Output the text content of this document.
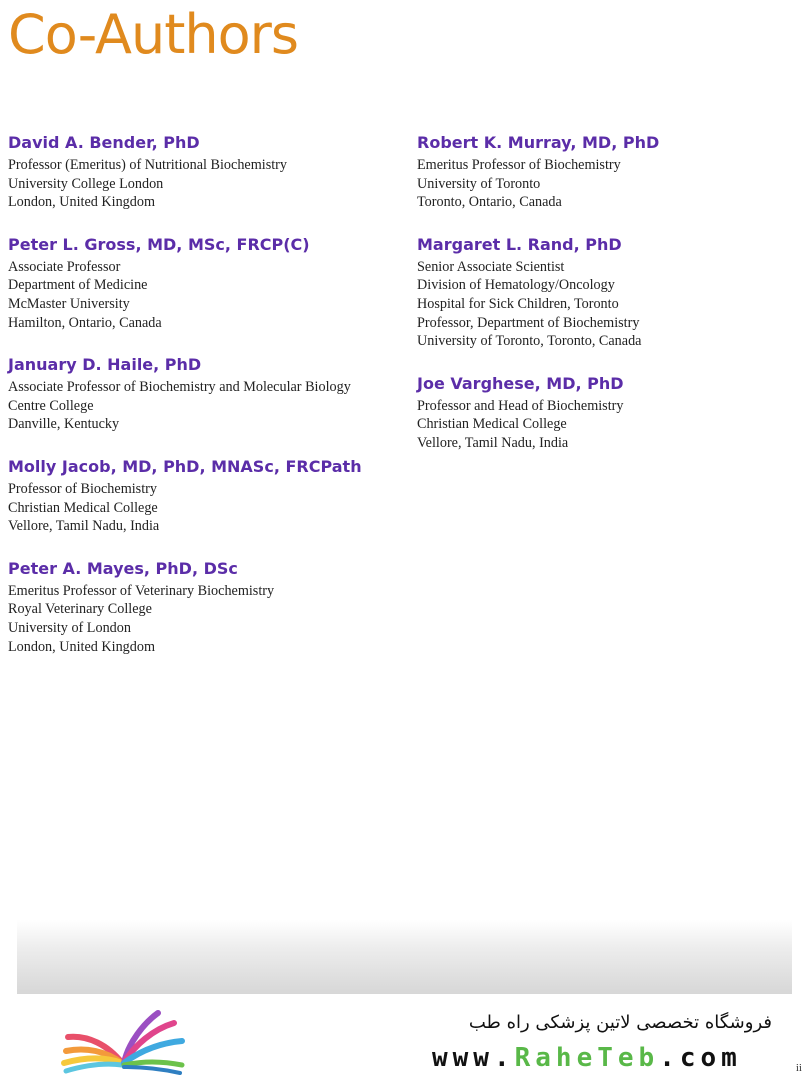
Co-Authors
David A. Bender, PhD
Professor (Emeritus) of Nutritional Biochemistry
University College London
London, United Kingdom
Peter L. Gross, MD, MSc, FRCP(C)
Associate Professor
Department of Medicine
McMaster University
Hamilton, Ontario, Canada
January D. Haile, PhD
Associate Professor of Biochemistry and Molecular Biology
Centre College
Danville, Kentucky
Molly Jacob, MD, PhD, MNASc, FRCPath
Professor of Biochemistry
Christian Medical College
Vellore, Tamil Nadu, India
Peter A. Mayes, PhD, DSc
Emeritus Professor of Veterinary Biochemistry
Royal Veterinary College
University of London
London, United Kingdom
Robert K. Murray, MD, PhD
Emeritus Professor of Biochemistry
University of Toronto
Toronto, Ontario, Canada
Margaret L. Rand, PhD
Senior Associate Scientist
Division of Hematology/Oncology
Hospital for Sick Children, Toronto
Professor, Department of Biochemistry
University of Toronto, Toronto, Canada
Joe Varghese, MD, PhD
Professor and Head of Biochemistry
Christian Medical College
Vellore, Tamil Nadu, India
فروشگاه تخصصی لاتین پزشکی راه طب
www.RaheTeb.com	ii
